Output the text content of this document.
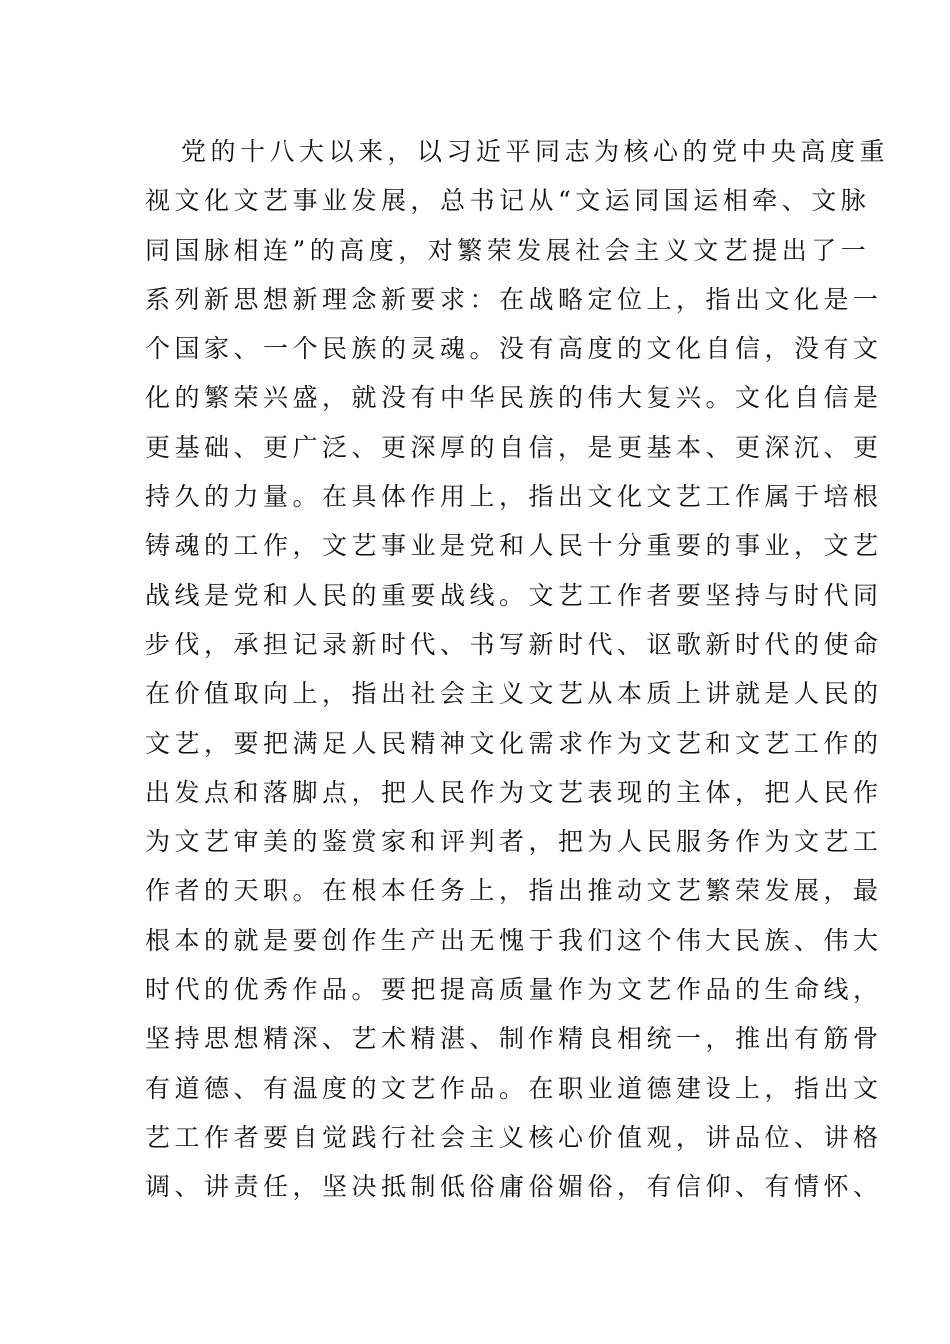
党的十八大以来，以习近平同志为核心的党中央高度重
视文化文艺事业发展，总书记从“文运同国运相牵、文脉
同国脉相连”的高度，对繁荣发展社会主义文艺提出了一
系列新思想新理念新要求：在战略定位上，指出文化是一
个国家、一个民族的灵魂。没有高度的文化自信，没有文
化的繁荣兴盛，就没有中华民族的伟大复兴。文化自信是
更基础、更广泛、更深厚的自信，是更基本、更深沉、更
持久的力量。在具体作用上，指出文化文艺工作属于培根
铸魂的工作，文艺事业是党和人民十分重要的事业，文艺
战线是党和人民的重要战线。文艺工作者要坚持与时代同
步伐，承担记录新时代、书写新时代、讴歌新时代的使命
在价值取向上，指出社会主义文艺从本质上讲就是人民的
文艺，要把满足人民精神文化需求作为文艺和文艺工作的
出发点和落脚点，把人民作为文艺表现的主体，把人民作
为文艺审美的鉴赏家和评判者，把为人民服务作为文艺工
作者的天职。在根本任务上，指出推动文艺繁荣发展，最
根本的就是要创作生产出无愧于我们这个伟大民族、伟大
时代的优秀作品。要把提高质量作为文艺作品的生命线，
坚持思想精深、艺术精湛、制作精良相统一，推出有筋骨
有道德、有温度的文艺作品。在职业道德建设上，指出文
艺工作者要自觉践行社会主义核心价值观，讲品位、讲格
调、讲责任，坚决抵制低俗庸俗媚俗，有信仰、有情怀、
